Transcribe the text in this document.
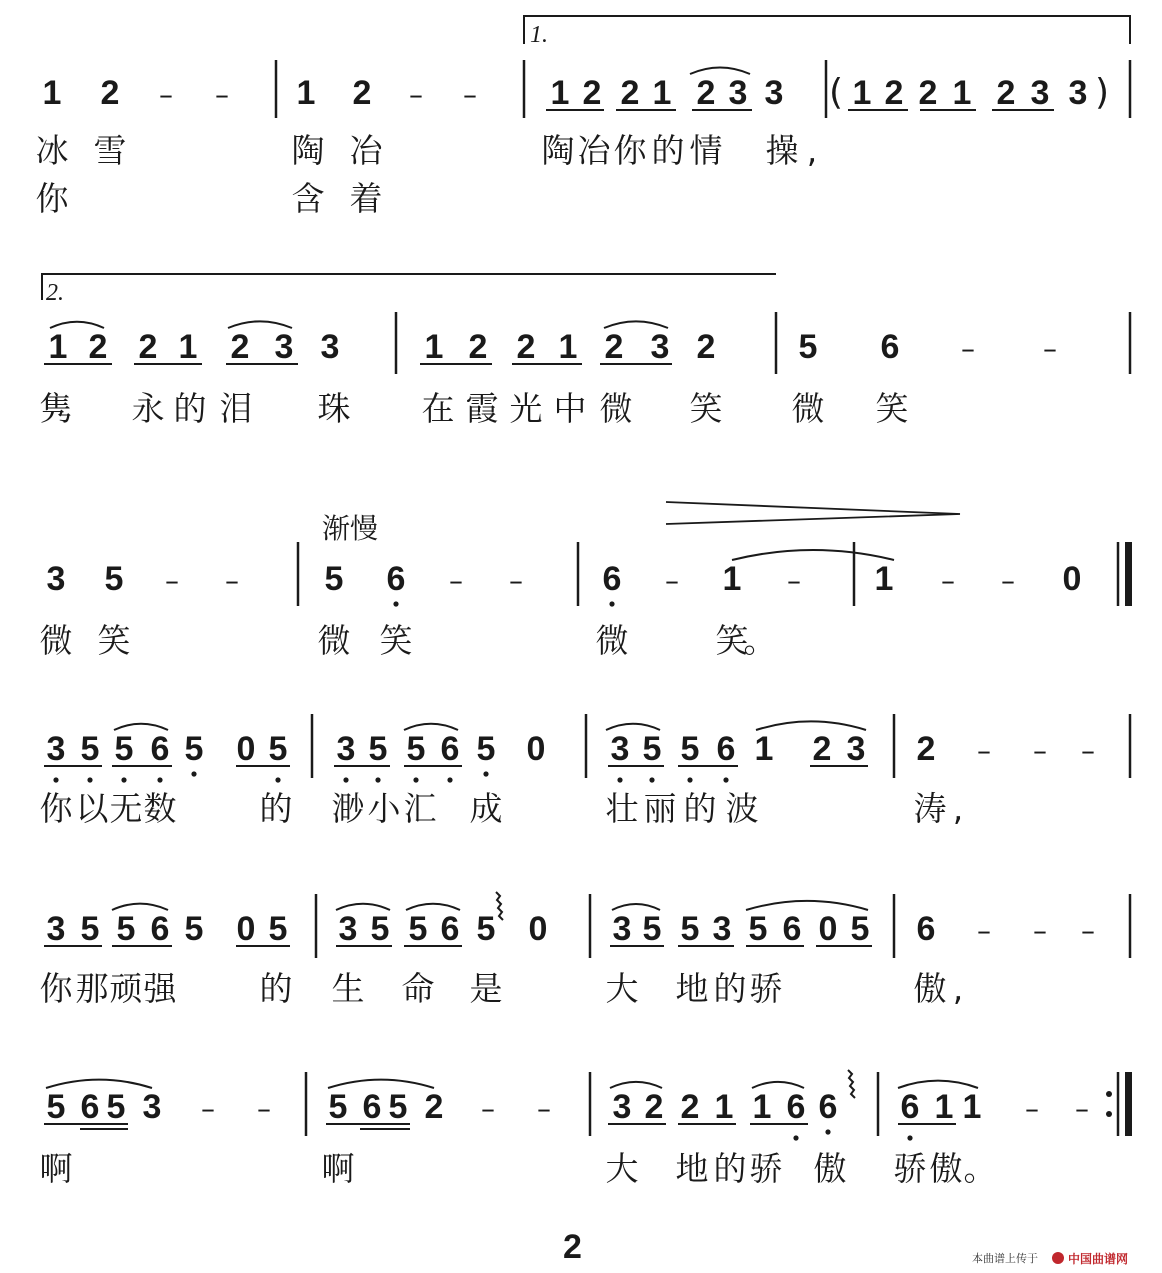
1 2 – – 1 2 – – 1 2 2 1 2 3 3 ( 1 2 2 1 2 3 3 )
1 2 2 1 2 3 3	1 2 2 1 2 3 2 5 6 – –
3 5 – –	5 6 – – 6 – 1 – 1 – – 0
3 5 5 6 5 0 5 3 5 5 6 5 0 3 5 5 6 1 2 3 2 – – –
3 5 5 6 5 0 5 3 5 5 6 5 0 3 5 5 3 5 6 0 5 6 – – –
5 6 5 3 – – 5 6 5 2 – – 3 2 2 1 1 6 6 6 1 1 – –
冰 雪	陶 冶	陶 冶 你 的 情 操 ,
你	含 着
隽 永 的 泪 珠 在 霞 光 中 微 笑 微 笑
微 笑	微 笑	微	笑
。
你 以 无 数	的 渺 小 汇 成	壮 丽 的 波	涛 ,
你 那 顽 强	的 生 命 是	大 地 的 骄	傲 ,
啊	啊	大 地 的 骄 傲 骄 傲 。
1.
2.
渐慢
2	本曲谱上传于	中国曲谱网
